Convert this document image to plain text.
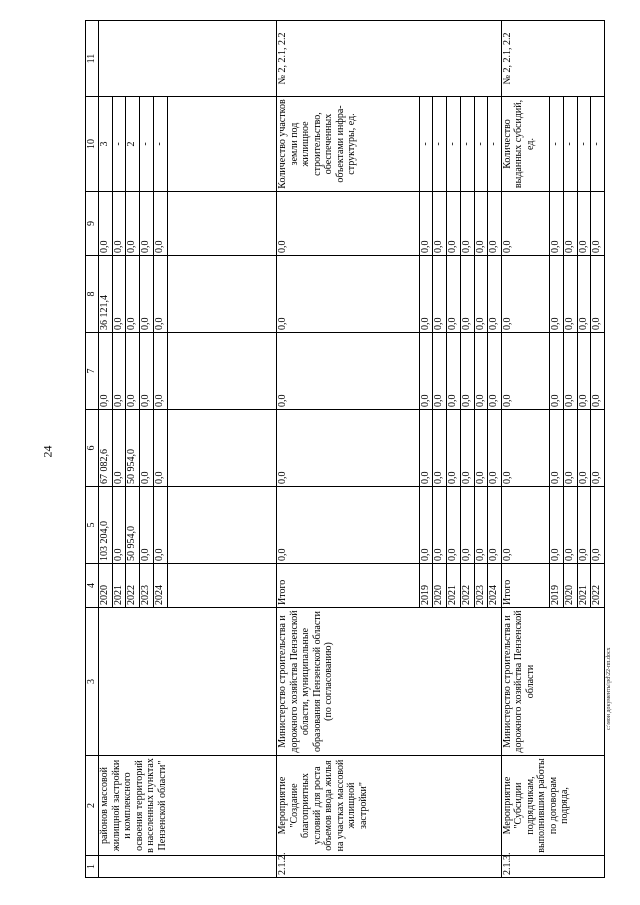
24
c:\мои документы\pd\22-пп.docx
1	2	3	4	5	6	7	8	9	10	11
	районов массовой жилищной застройки и комплексного освоения территорий в населенных пунктах Пензенской области"		2020	103 204,0	67 082,6	0,0	36 121,4	0,0	3	
			2021	0,0	0,0	0,0	0,0	0,0	-	
			2022	50 954,0	50 954,0	0,0	0,0	0,0	2	
			2023	0,0	0,0	0,0	0,0	0,0	-	
			2024	0,0	0,0	0,0	0,0	0,0	-	

2.1.2.	Мероприятие "Создание благоприятных условий для роста объемов ввода жилья на участках массовой жилищной застройки"	Министерство строительства и дорожного хозяйства Пензенской области, муниципальные образования Пензенской области (по согласованию)	Итого	0,0	0,0	0,0	0,0	0,0	Количество участков земли под жилищное строительство, обеспеченных объектами инфра-структуры, ед.	№ 2, 2.1, 2.2
			2019	0,0	0,0	0,0	0,0	0,0	-	
			2020	0,0	0,0	0,0	0,0	0,0	-	
			2021	0,0	0,0	0,0	0,0	0,0	-	
			2022	0,0	0,0	0,0	0,0	0,0	-	
			2023	0,0	0,0	0,0	0,0	0,0	-	
			2024	0,0	0,0	0,0	0,0	0,0	-	
2.1.3.	Мероприятие "Субсидии подрядчикам, выполнившим работы по договорам подряда,	Министерство строительства и дорожного хозяйства Пензенской области	Итого	0,0	0,0	0,0	0,0	0,0	Количество выданных субсидий, ед.	№ 2, 2.1, 2.2
			2019	0,0	0,0	0,0	0,0	0,0	-	
			2020	0,0	0,0	0,0	0,0	0,0	-	
			2021	0,0	0,0	0,0	0,0	0,0	-	
			2022	0,0	0,0	0,0	0,0	0,0	-	
